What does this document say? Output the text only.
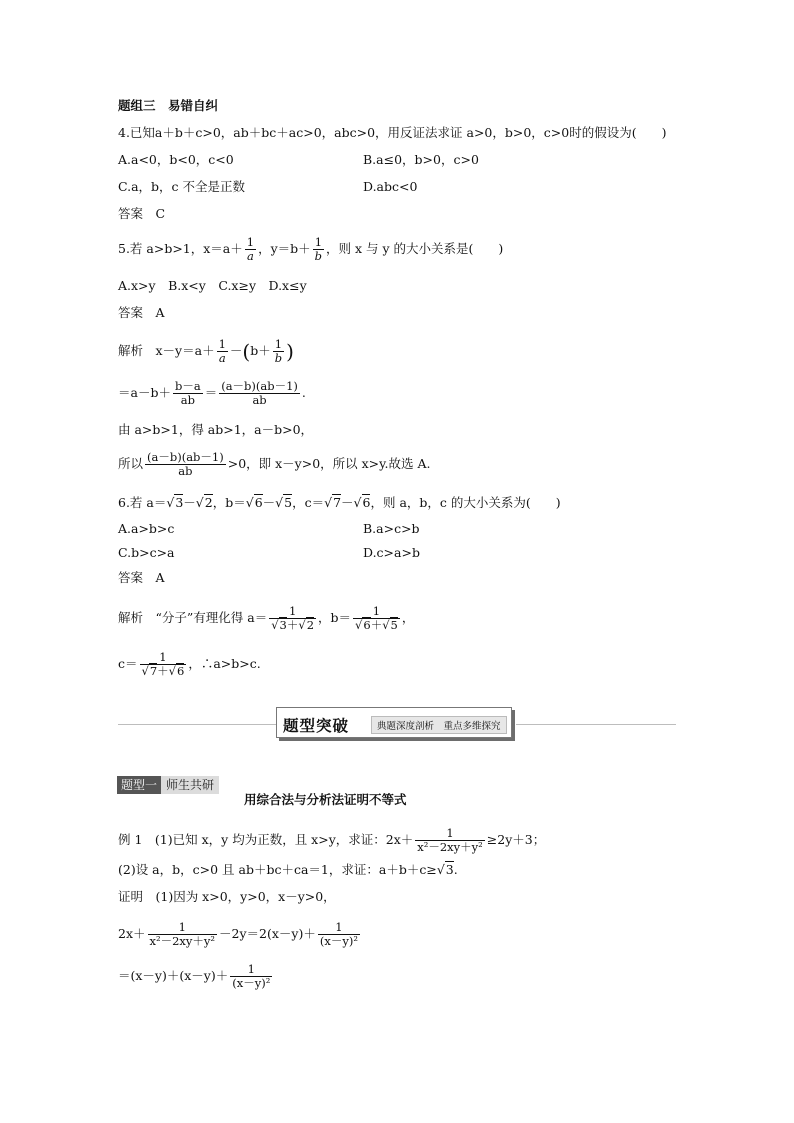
题组三　易错自纠
4.已知a＋b＋c>0，ab＋bc＋ac>0，abc>0，用反证法求证 a>0，b>0，c>0时的假设为(　　)
A.a<0，b<0，c<0	B.a≤0，b>0，c>0
C.a，b，c 不全是正数	D.abc<0
答案　C
5.若 a>b>1，$x=a+ \frac{1}{a}$ ，$y=b+ \frac{1}{b}$ ，则 x 与 y 的大小关系是(　　)
A.x>y　B.x<y　C.x≥y　D.x≤y
答案　A
解析　$x-y=a+ \frac{1}{a} -(b+ \frac{1}{b}$ )
$=a-b+ \frac{b-a}{ab} = \frac{(a-b)(ab-1)}{ab}$ .
由 a>b>1，得 ab>1，a－b>0，
所以 $\frac{(a-b)(ab-1)}{ab} >0$，即 x－y>0，所以 x>y.故选 A.
6.若 a＝√3－√2，b＝√6－√5，c＝√7－√6，则 a，b，c 的大小关系为(　　)
A.a>b>c	B.a>c>b
C.b>c>a	D.c>a>b
答案　A
解析　“分子”有理化得 $a= \frac{1}{√3+√2}$ ，$b= \frac{1}{√6+√5}$ ，
$c= \frac{1}{√7+√6}$ ，∴a>b>c.
题型突破	典题深度剖析　重点多维探究
题型一 师生共研
用综合法与分析法证明不等式
例 1　(1)已知 x，y 均为正数，且 x>y，求证：$2x+ \frac{1}{\text{x²－2xy＋y²}} \ge 2y+3$；
(2)设 a，b，c>0 且 ab＋bc＋ca＝1，求证：a＋b＋c≥√3.
证明　(1)因为 x>0，y>0，x－y>0，
$2x+ \frac{1}{\text{x²－2xy＋y²}} -2y=2(x-y)+ \frac{1}{\text{(x－y)²}}$
$=(x-y)+(x-y)+ \frac{1}{\text{(x－y)²}}$
